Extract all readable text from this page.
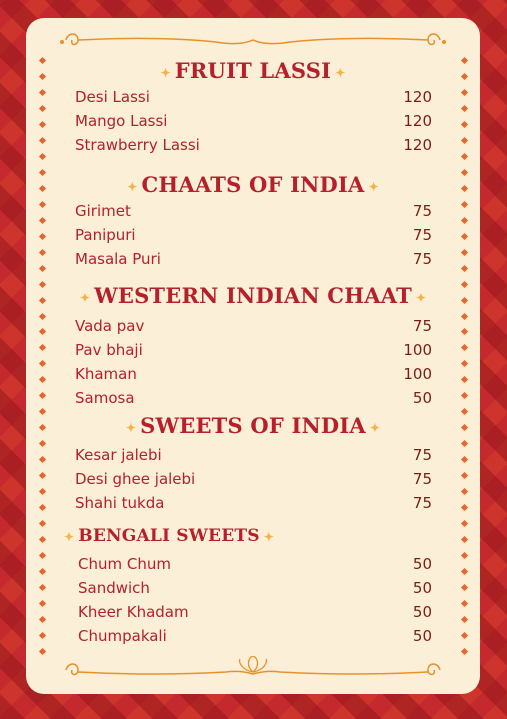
✦ FRUIT LASSI ✦
Desi Lassi	120
Mango Lassi	120
Strawberry Lassi	120
✦ CHAATS OF INDIA ✦
Girimet	75
Panipuri	75
Masala Puri	75
✦ WESTERN INDIAN CHAAT ✦
Vada pav	75
Pav bhaji	100
Khaman	100
Samosa	50
✦ SWEETS OF INDIA ✦
Kesar jalebi	75
Desi ghee jalebi	75
Shahi tukda	75
✦ BENGALI SWEETS ✦
Chum Chum	50
Sandwich	50
Kheer Khadam	50
Chumpakali	50
